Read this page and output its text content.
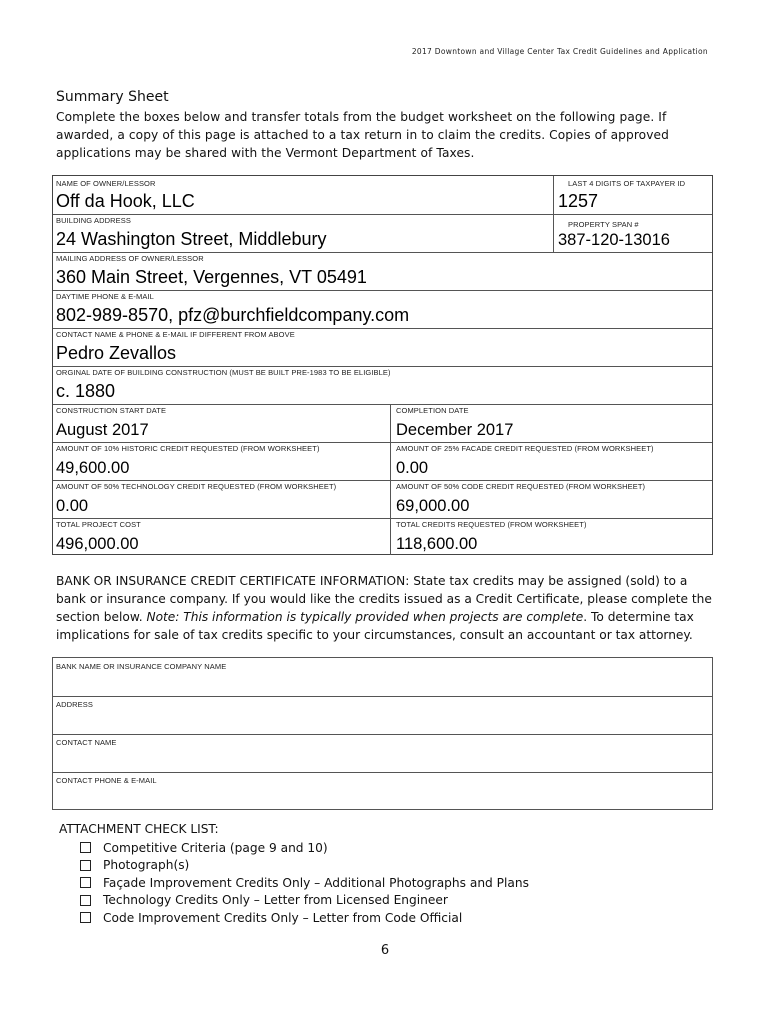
2017 Downtown and Village Center Tax Credit Guidelines and Application
Summary Sheet
Complete the boxes below and transfer totals from the budget worksheet on the following page. If awarded, a copy of this page is attached to a tax return in to claim the credits. Copies of approved applications may be shared with the Vermont Department of Taxes.
NAME OF OWNER/LESSOR
Off da Hook, LLC
LAST 4 DIGITS OF TAXPAYER ID
1257
BUILDING ADDRESS
24 Washington Street, Middlebury
PROPERTY SPAN #
387-120-13016
MAILING ADDRESS OF OWNER/LESSOR
360 Main Street, Vergennes, VT 05491
DAYTIME PHONE & E-MAIL
802-989-8570, pfz@burchfieldcompany.com
CONTACT NAME & PHONE & E-MAIL IF DIFFERENT FROM ABOVE
Pedro Zevallos
ORGINAL DATE OF BUILDING CONSTRUCTION (MUST BE BUILT PRE-1983 TO BE ELIGIBLE)
c. 1880
CONSTRUCTION START DATE
August 2017
COMPLETION DATE
December 2017
AMOUNT OF 10% HISTORIC CREDIT REQUESTED (FROM WORKSHEET)
49,600.00
AMOUNT OF 25% FACADE CREDIT REQUESTED (FROM WORKSHEET)
0.00
AMOUNT OF 50% TECHNOLOGY CREDIT REQUESTED (FROM WORKSHEET)
0.00
AMOUNT OF 50% CODE CREDIT REQUESTED (FROM WORKSHEET)
69,000.00
TOTAL PROJECT COST
496,000.00
TOTAL CREDITS REQUESTED (FROM WORKSHEET)
118,600.00
BANK OR INSURANCE CREDIT CERTIFICATE INFORMATION: State tax credits may be assigned (sold) to a bank or insurance company. If you would like the credits issued as a Credit Certificate, please complete the section below. Note: This information is typically provided when projects are complete. To determine tax implications for sale of tax credits specific to your circumstances, consult an accountant or tax attorney.
BANK NAME OR INSURANCE COMPANY NAME
ADDRESS
CONTACT NAME
CONTACT PHONE & E-MAIL
ATTACHMENT CHECK LIST:
Competitive Criteria (page 9 and 10)
Photograph(s)
Façade Improvement Credits Only – Additional Photographs and Plans
Technology Credits Only – Letter from Licensed Engineer
Code Improvement Credits Only – Letter from Code Official
6
